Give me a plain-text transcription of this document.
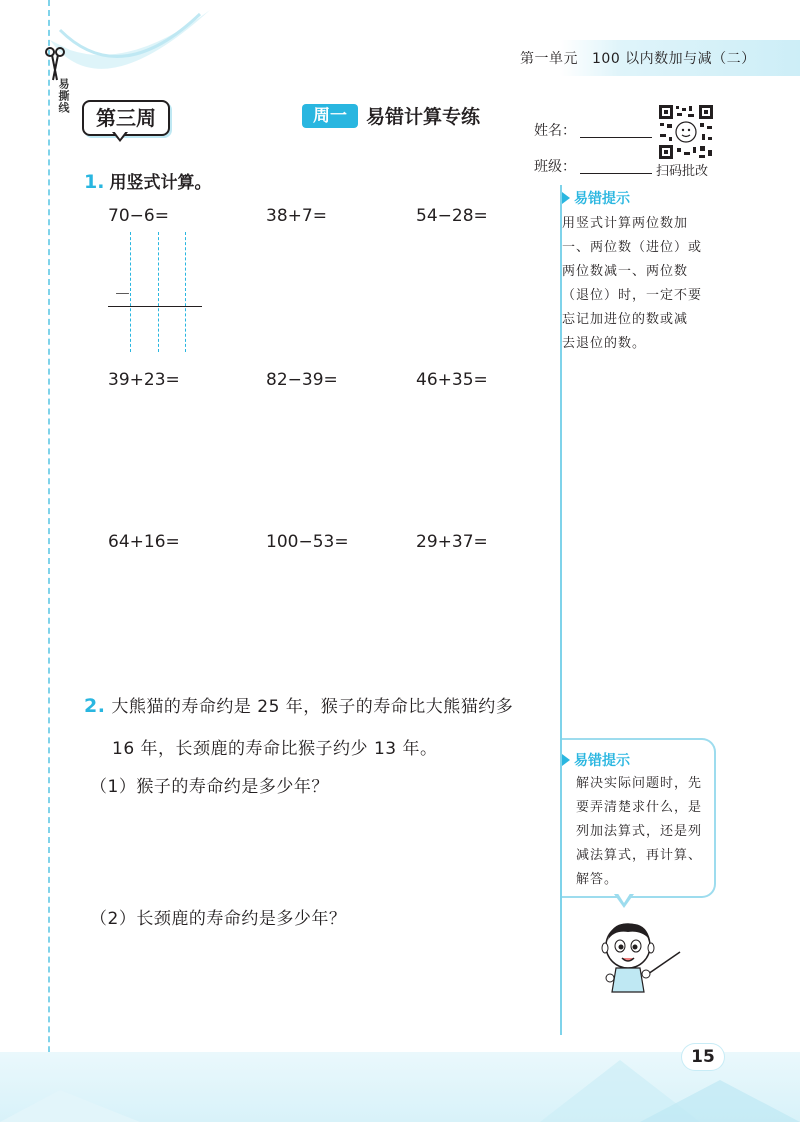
易撕线
第一单元 100 以内数加与减（二）
第三周	周一	易错计算专练
姓名：
班级：	扫码批改
易错提示
用竖式计算两位数加
一、两位数（进位）或
两位数减一、两位数
（退位）时，一定不要
忘记加进位的数或减
去退位的数。
易错提示
解决实际问题时，先
要弄清楚求什么，是
列加法算式，还是列
减法算式，再计算、
解答。
1. 用竖式计算。
70−6=	38+7=	54−28=
－
39+23=	82−39=	46+35=
64+16=	100−53=	29+37=
2. 大熊猫的寿命约是 25 年，猴子的寿命比大熊猫约多
16 年，长颈鹿的寿命比猴子约少 13 年。
（1）猴子的寿命约是多少年？
（2）长颈鹿的寿命约是多少年？
15
